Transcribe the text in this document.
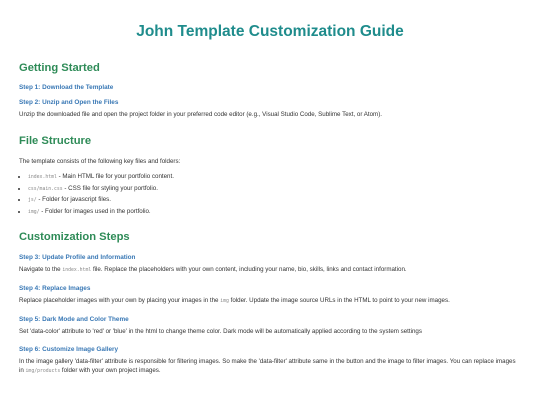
John Template Customization Guide
Getting Started
Step 1: Download the Template
Step 2: Unzip and Open the Files

Unzip the downloaded file and open the project folder in your preferred code editor (e.g., Visual Studio Code, Sublime Text, or Atom).

File Structure

The template consists of the following key files and folders:

• index.html - Main HTML file for your portfolio content.
• css/main.css - CSS file for styling your portfolio.
• js/ - Folder for javascript files.
• img/ - Folder for images used in the portfolio.
Customization Steps
Step 3: Update Profile and Information

Navigate to the index.html file. Replace the placeholders with your own content, including your name, bio, skills, links and contact information.

Step 4: Replace Images

Replace placeholder images with your own by placing your images in the img folder. Update the image source URLs in the HTML to point to your new images.

Step 5: Dark Mode and Color Theme

Set 'data-color' attribute to 'red' or 'blue' in the html to change theme color. Dark mode will be automatically applied according to the system settings

Step 6: Customize Image Gallery

In the image gallery 'data-filter' attribute is responsible for filtering images. So make the 'data-filter' attribute same in the button and the image to filter images. You can replace images in img/products folder with your own project images.
